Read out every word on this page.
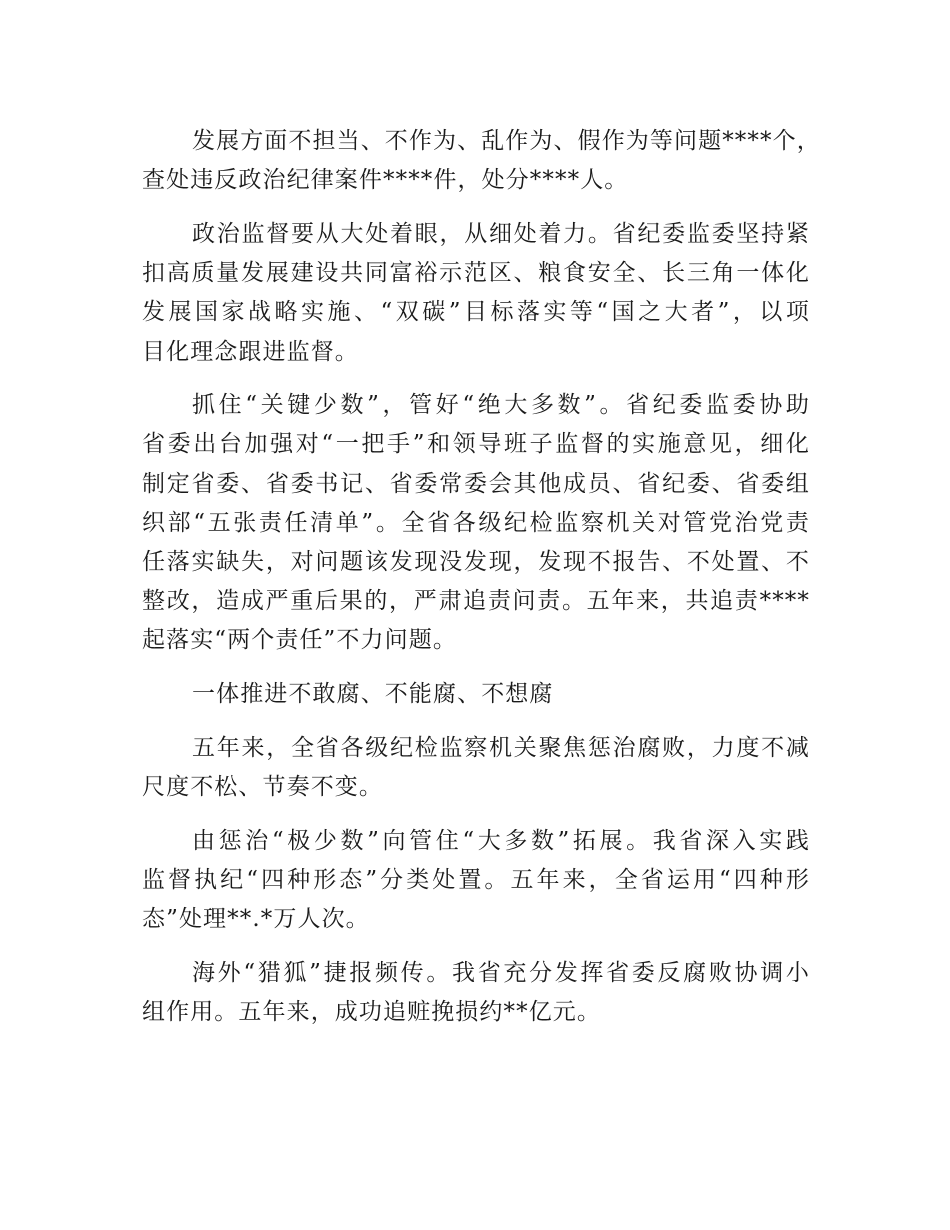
发展方面不担当、不作为、乱作为、假作为等问题****个，
查处违反政治纪律案件****件，处分****人。

政治监督要从大处着眼，从细处着力。省纪委监委坚持紧
扣高质量发展建设共同富裕示范区、粮食安全、长三角一体化
发展国家战略实施、“双碳”目标落实等“国之大者”，以项
目化理念跟进监督。

抓住“关键少数”，管好“绝大多数”。省纪委监委协助
省委出台加强对“一把手”和领导班子监督的实施意见，细化
制定省委、省委书记、省委常委会其他成员、省纪委、省委组
织部“五张责任清单”。全省各级纪检监察机关对管党治党责
任落实缺失，对问题该发现没发现，发现不报告、不处置、不
整改，造成严重后果的，严肃追责问责。五年来，共追责****
起落实“两个责任”不力问题。

一体推进不敢腐、不能腐、不想腐

五年来，全省各级纪检监察机关聚焦惩治腐败，力度不减
尺度不松、节奏不变。

由惩治“极少数”向管住“大多数”拓展。我省深入实践
监督执纪“四种形态”分类处置。五年来，全省运用“四种形
态”处理**.*万人次。

海外“猎狐”捷报频传。我省充分发挥省委反腐败协调小
组作用。五年来，成功追赃挽损约**亿元。
